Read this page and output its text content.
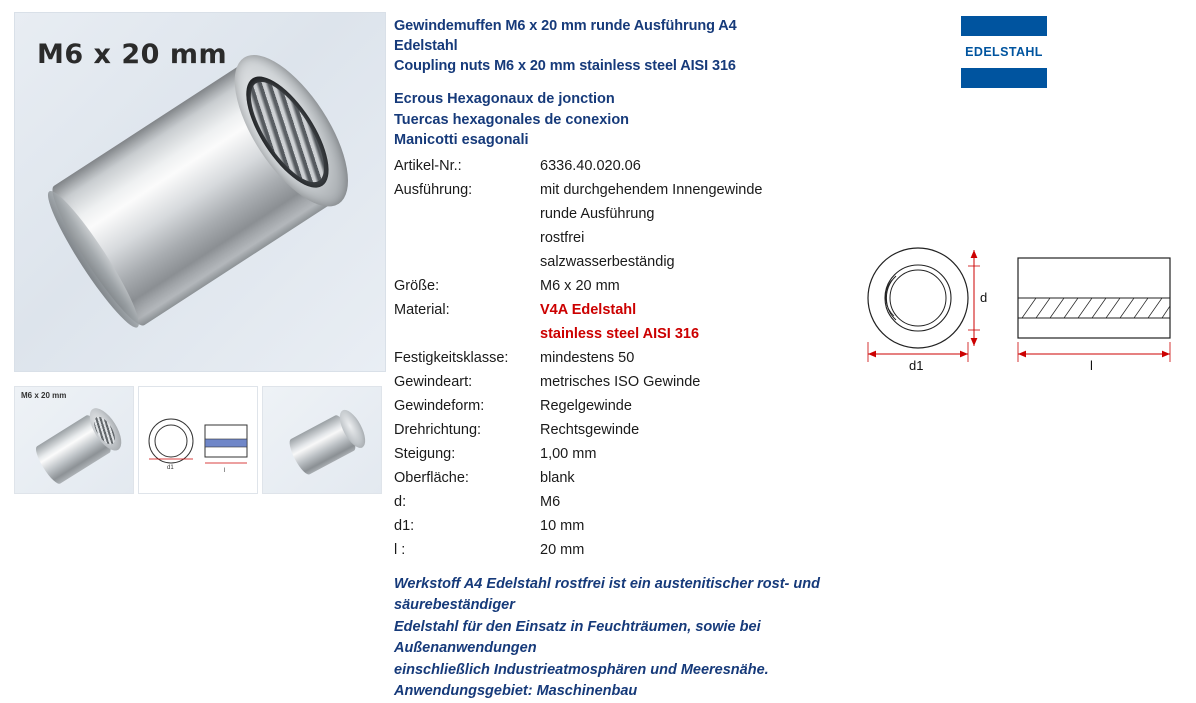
M6 x 20 mm
M6 x 20 mm
d1	l
Gewindemuffen M6 x 20 mm runde Ausführung A4
Edelstahl
Coupling nuts M6 x 20 mm stainless steel AISI 316
Ecrous Hexagonaux de jonction
Tuercas hexagonales de conexion
Manicotti esagonali
Artikel-Nr.:	6336.40.020.06
Ausführung:	mit durchgehendem Innengewinde
runde Ausführung
rostfrei
salzwasserbeständig
Größe:	M6 x 20 mm
Material:	V4A Edelstahl
stainless steel AISI 316
Festigkeitsklasse:	mindestens 50
Gewindeart:	metrisches ISO Gewinde
Gewindeform:	Regelgewinde
Drehrichtung:	Rechtsgewinde
Steigung:	1,00 mm
Oberfläche:	blank
d:	M6
d1:	10 mm
l :	20 mm
Werkstoff A4 Edelstahl rostfrei ist ein austenitischer rost- und säurebeständiger
Edelstahl für den Einsatz in Feuchträumen, sowie bei Außenanwendungen
einschließlich Industrieatmosphären und Meeresnähe.
Anwendungsgebiet: Maschinenbau
EDELSTAHL
d
d1	l
